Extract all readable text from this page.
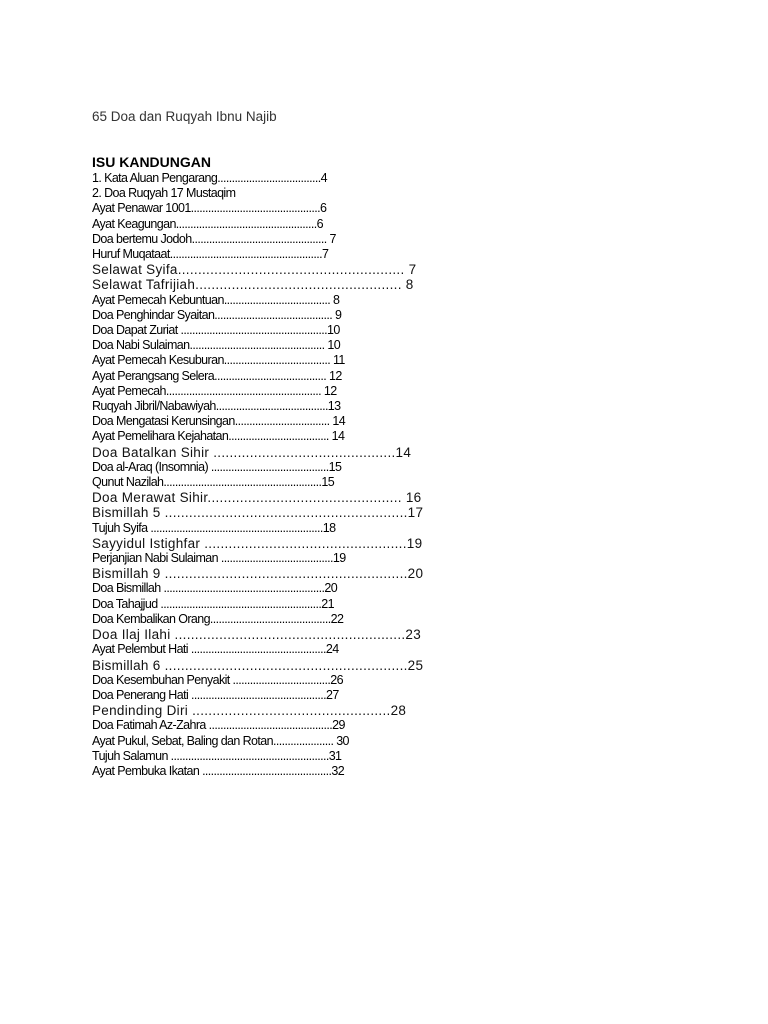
65 Doa dan Ruqyah Ibnu Najib
ISU KANDUNGAN
1. Kata Aluan Pengarang....................................4
2. Doa Ruqyah 17 Mustaqim
Ayat Penawar 1001.............................................6
Ayat Keagungan.................................................6
Doa bertemu Jodoh............................................... 7
Huruf Muqataat.....................................................7
Selawat Syifa........................................................ 7
Selawat Tafrijiah................................................... 8
Ayat Pemecah Kebuntuan..................................... 8
Doa Penghindar Syaitan......................................... 9
Doa Dapat Zuriat ...................................................10
Doa Nabi Sulaiman............................................... 10
Ayat Pemecah Kesuburan..................................... 11
Ayat Perangsang Selera....................................... 12
Ayat Pemecah...................................................... 12
Ruqyah Jibril/Nabawiyah.......................................13
Doa Mengatasi Kerunsingan................................. 14
Ayat Pemelihara Kejahatan................................... 14
Doa Batalkan Sihir .............................................14
Doa al-Araq (Insomnia) .........................................15
Qunut Nazilah.......................................................15
Doa Merawat Sihir................................................ 16
Bismillah 5 ............................................................17
Tujuh Syifa ............................................................18
Sayyidul Istighfar ..................................................19
Perjanjian Nabi Sulaiman .......................................19
Bismillah 9 ............................................................20
Doa Bismillah ........................................................20
Doa Tahajjud ........................................................21
Doa Kembalikan Orang..........................................22
Doa Ilaj Ilahi .........................................................23
Ayat Pelembut Hati ...............................................24
Bismillah 6 ............................................................25
Doa Kesembuhan Penyakit ..................................26
Doa Penerang Hati ...............................................27
Pendinding Diri .................................................28
Doa Fatimah Az-Zahra ...........................................29
Ayat Pukul, Sebat, Baling dan Rotan..................... 30
Tujuh Salamun .......................................................31
Ayat Pembuka Ikatan .............................................32
